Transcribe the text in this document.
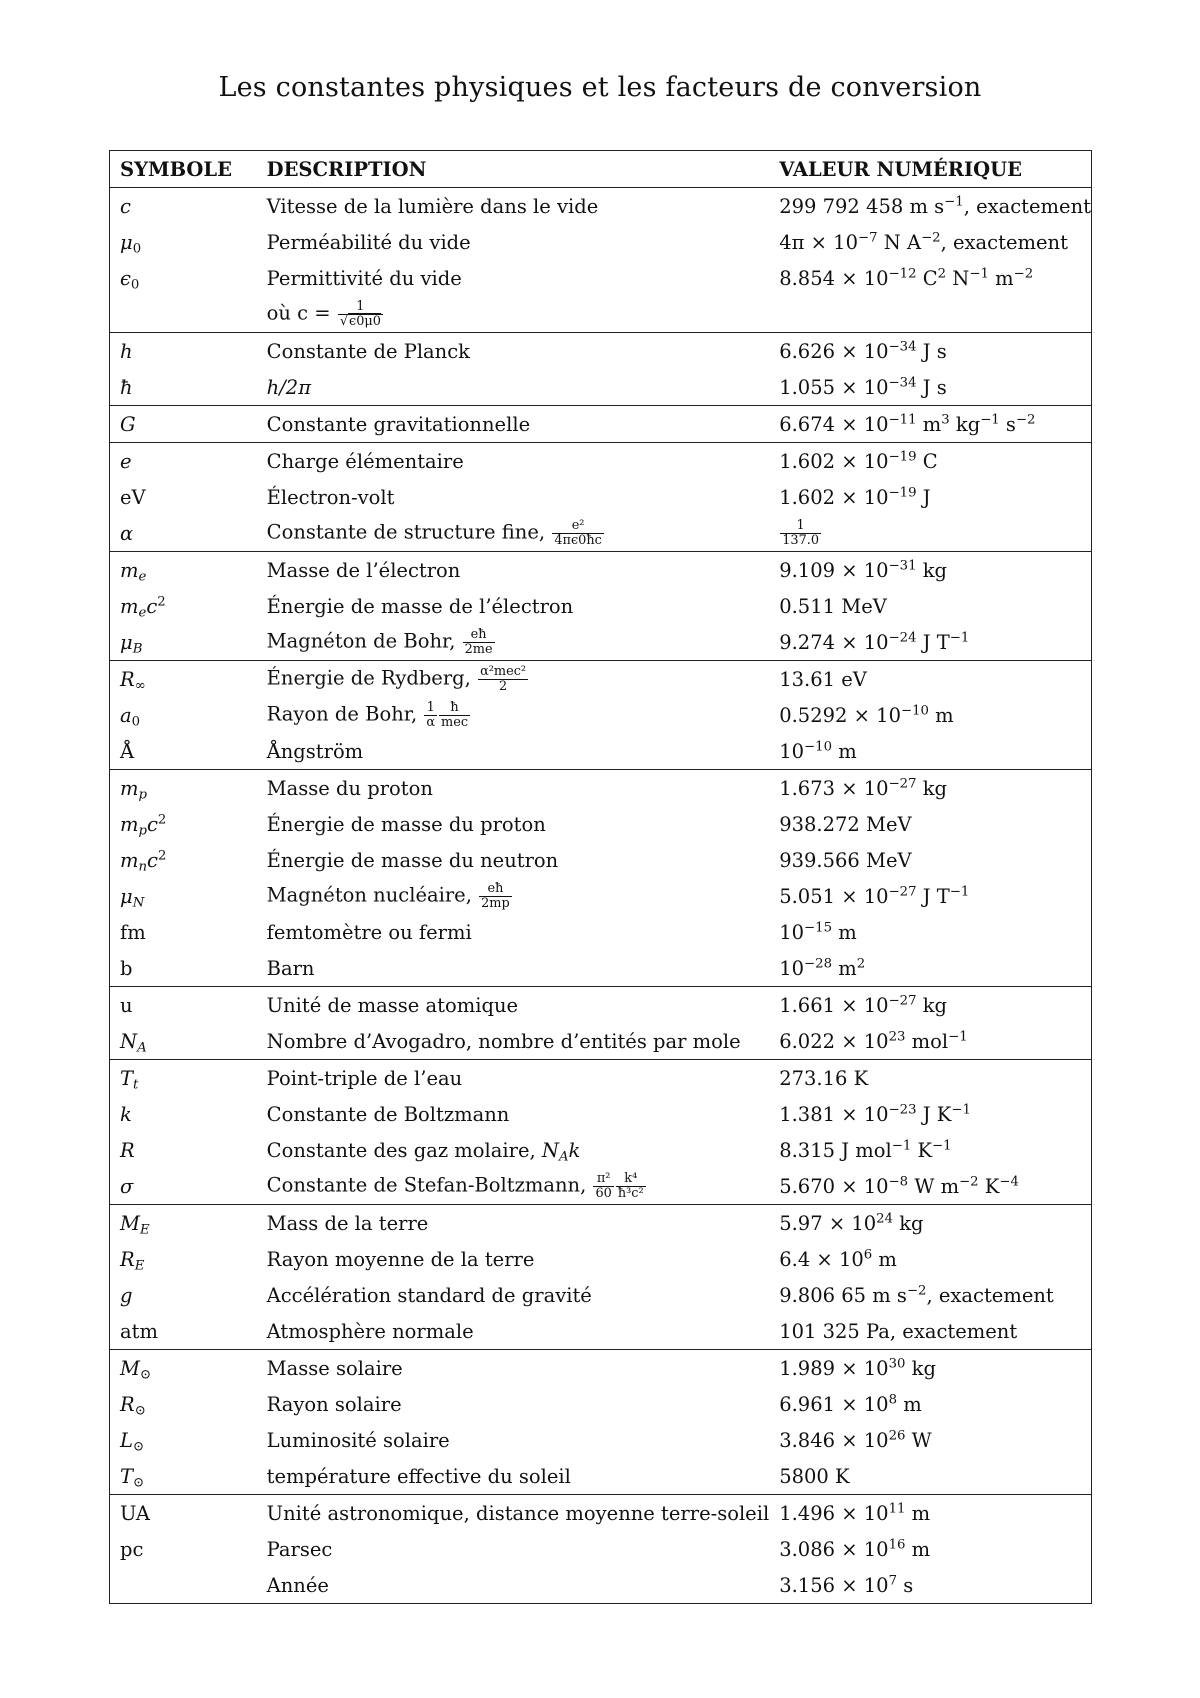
Les constantes physiques et les facteurs de conversion
SYMBOLE	DESCRIPTION	VALEUR NUMÉRIQUE
c	Vitesse de la lumière dans le vide	299 792 458 m $s^{-1}$, exactement
$\mu_0$	Perméabilité du vide	$4\pi \times 10^{-7}$ N $A^{-2}$, exactement
$\epsilon_0$	Permittivité du vide	$8.854 \times 10^{-12}$ $C^2$ $N^{-1}$ $m^{-2}$
	où $c = \frac{1}{√\epsilon 0\mu 0}$

h	Constante de Planck	$6.626 \times 10^{-34}$ J s
ħ	h/2π	$1.055 \times 10^{-34}$ J s
G	Constante gravitationnelle	$6.674 \times 10^{-11}$ $m^3$ $kg^{-1}$ $s^{-2}$
e	Charge élémentaire	$1.602 \times 10^{-19}$ C
eV	Électron-volt	$1.602 \times 10^{-19}$ J
α	Constante de structure fine, $\frac{\text{e²}}{4\pi\epsilon 0ħc}$	$\frac{1}{137.0}$

$m_e$	Masse de l’électron	$9.109 \times 10^{-31}$ kg
$m_ec^2$	Énergie de masse de l’électron	0.511 MeV
$\mu_B$	Magnéton de Bohr, $\frac{eħ}{2me}$	$9.274 \times 10^{-24}$ J $T^{-1}$
$R_\infty$	Énergie de Rydberg, $\frac{\text{α²mec²}}{2}$	13.61 eV
$a_0$	Rayon de Bohr, $\frac{1}{\alpha} \frac{ħ}{\text{mec}}$	$0.5292 \times 10^{-10}$ m
Å	Ångström	$10^{-10}$ m
$m_p$	Masse du proton	$1.673 \times 10^{-27}$ kg
$m_pc^2$	Énergie de masse du proton	938.272 MeV
$m_nc^2$	Énergie de masse du neutron	939.566 MeV
$\mu_N$	Magnéton nucléaire, $\frac{eħ}{2mp}$	$5.051 \times 10^{-27}$ J $T^{-1}$
fm	femtomètre ou fermi	$10^{-15}$ m
b	Barn	$10^{-28}$ $m^2$
u	Unité de masse atomique	$1.661 \times 10^{-27}$ kg
$N_A$	Nombre d’Avogadro, nombre d’entités par mole	$6.022 \times 10^{23}$ mol$^{-1}$
$T_t$	Point-triple de l’eau	273.16 K
k	Constante de Boltzmann	$1.381 \times 10^{-23}$ J $K^{-1}$
R	Constante des gaz molaire, $N_Ak$	8.315 J mol$^{-1}$ $K^{-1}$
σ	Constante de Stefan-Boltzmann, $\frac{\text{π²}}{60} \frac{\text{k⁴}}{\text{ħ³c²}}$	$5.670 \times 10^{-8}$ W $m^{-2}$ $K^{-4}$
$M_E$	Mass de la terre	$5.97 \times 10^{24}$ kg
$R_E$	Rayon moyenne de la terre	$6.4 \times 10^6$ m
g	Accélération standard de gravité	9.806 65 m $s^{-2}$, exactement
atm	Atmosphère normale	101 325 Pa, exactement
$M_⊙$	Masse solaire	$1.989 \times 10^{30}$ kg
$R_⊙$	Rayon solaire	$6.961 \times 10^8$ m
$L_⊙$	Luminosité solaire	$3.846 \times 10^{26}$ W
$T_⊙$	température effective du soleil	5800 K
UA	Unité astronomique, distance moyenne terre-soleil	$1.496 \times 10^{11}$ m
pc	Parsec	$3.086 \times 10^{16}$ m
	Année	$3.156 \times 10^7$ s
